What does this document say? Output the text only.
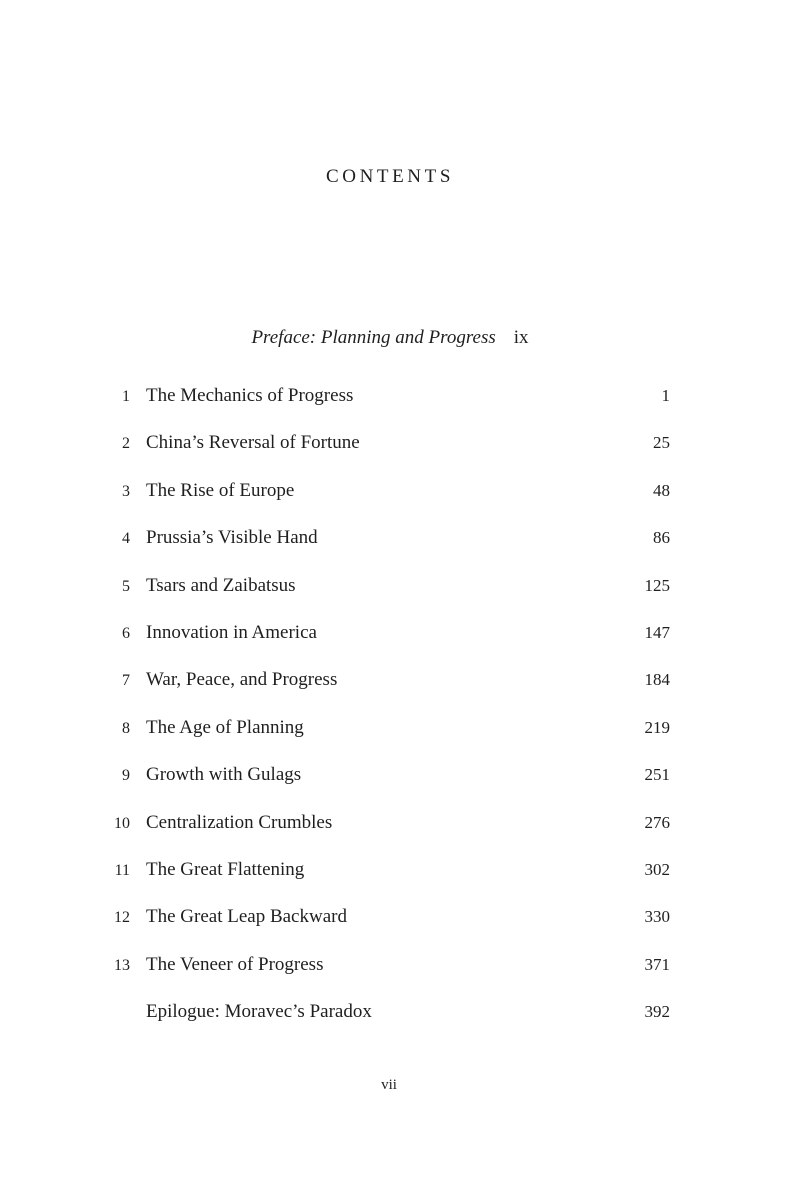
CONTENTS
Preface: Planning and Progress ix
1 The Mechanics of Progress	1
2 China’s Reversal of Fortune	25
3 The Rise of Europe	48
4 Prussia’s Visible Hand	86
5 Tsars and Zaibatsus	125
6 Innovation in America	147
7 War, Peace, and Progress	184
8 The Age of Planning	219
9 Growth with Gulags	251
10 Centralization Crumbles	276
11 The Great Flattening	302
12 The Great Leap Backward	330
13 The Veneer of Progress	371
Epilogue: Moravec’s Paradox	392
vii
